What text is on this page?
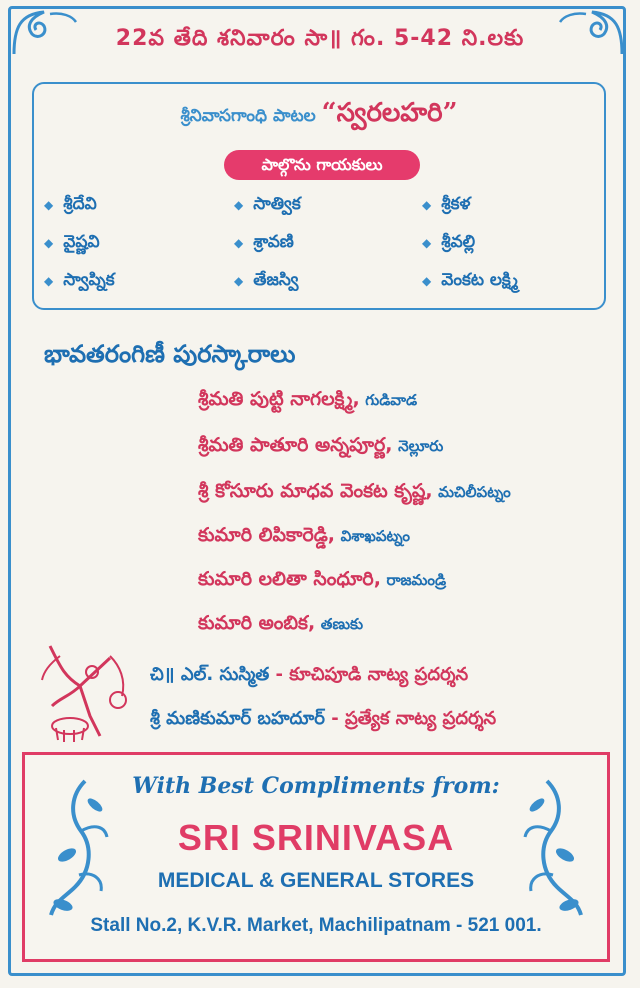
22వ తేది శనివారం సా॥ గం. 5-42 ని.లకు
శ్రీనివాసగాంధి పాటల “స్వరలహరి”
పాల్గొను గాయకులు
◆ శ్రీదేవి	◆ సాత్విక	◆ శ్రీకళ
◆ వైష్ణవి	◆ శ్రావణి	◆ శ్రీవల్లి
◆ స్వాప్నిక	◆ తేజస్వి	◆ వెంకట లక్ష్మి
భావతరంగిణీ పురస్కారాలు
శ్రీమతి పుట్టి నాగలక్ష్మి, గుడివాడ
శ్రీమతి పాతూరి అన్నపూర్ణ, నెల్లూరు
శ్రీ కోసూరు మాధవ వెంకట కృష్ణ, మచిలీపట్నం
కుమారి లిపికారెడ్డి, విశాఖపట్నం
కుమారి లలితా సింధూరి, రాజమండ్రి
కుమారి అంబిక, తణుకు
చి॥ ఎల్. సుస్మిత - కూచిపూడి నాట్య ప్రదర్శన
శ్రీ మణికుమార్ బహదూర్ - ప్రత్యేక నాట్య ప్రదర్శన
With Best Compliments from:
SRI SRINIVASA
MEDICAL & GENERAL STORES
Stall No.2, K.V.R. Market, Machilipatnam - 521 001.
